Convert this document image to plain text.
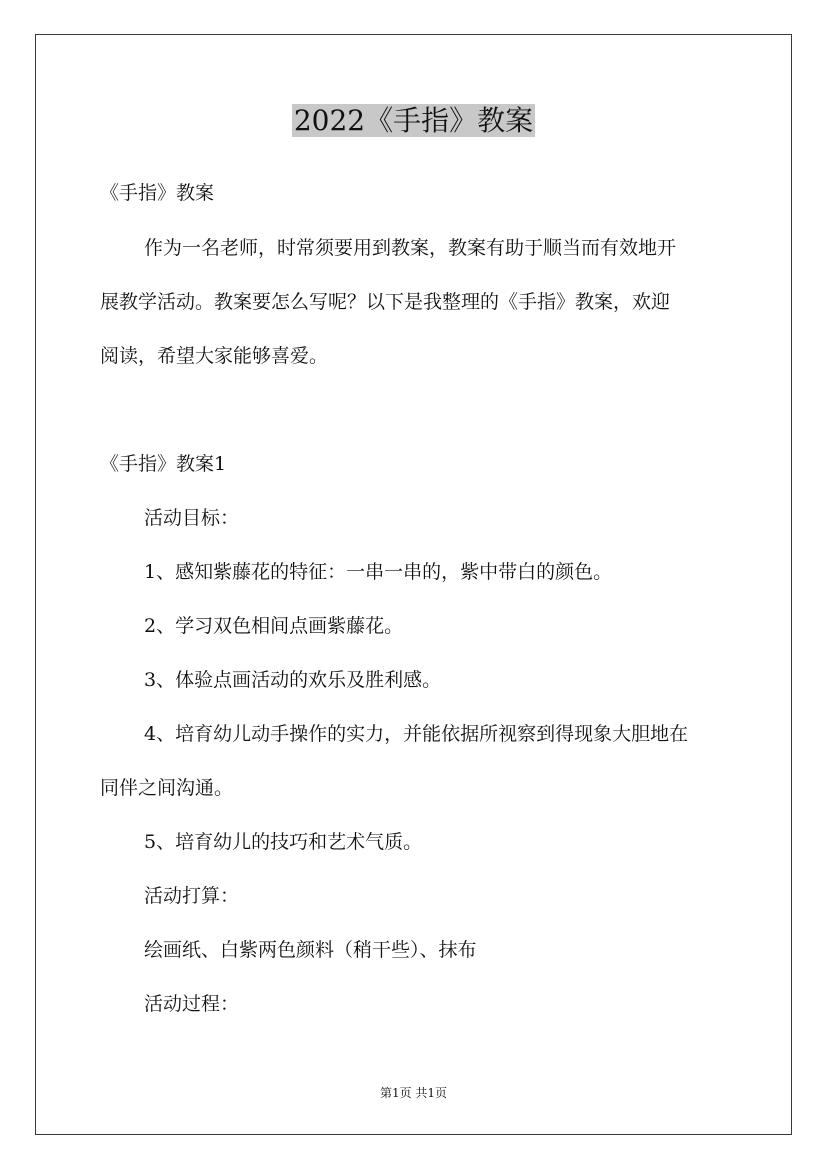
2022《手指》教案

《手指》教案

作为一名老师，时常须要用到教案，教案有助于顺当而有效地开

展教学活动。教案要怎么写呢？以下是我整理的《手指》教案，欢迎

阅读，希望大家能够喜爱。

《手指》教案1

活动目标：

1、感知紫藤花的特征：一串一串的，紫中带白的颜色。

2、学习双色相间点画紫藤花。

3、体验点画活动的欢乐及胜利感。

4、培育幼儿动手操作的实力，并能依据所视察到得现象大胆地在

同伴之间沟通。

5、培育幼儿的技巧和艺术气质。

活动打算：

绘画纸、白紫两色颜料（稍干些）、抹布

活动过程：

第1页 共1页
